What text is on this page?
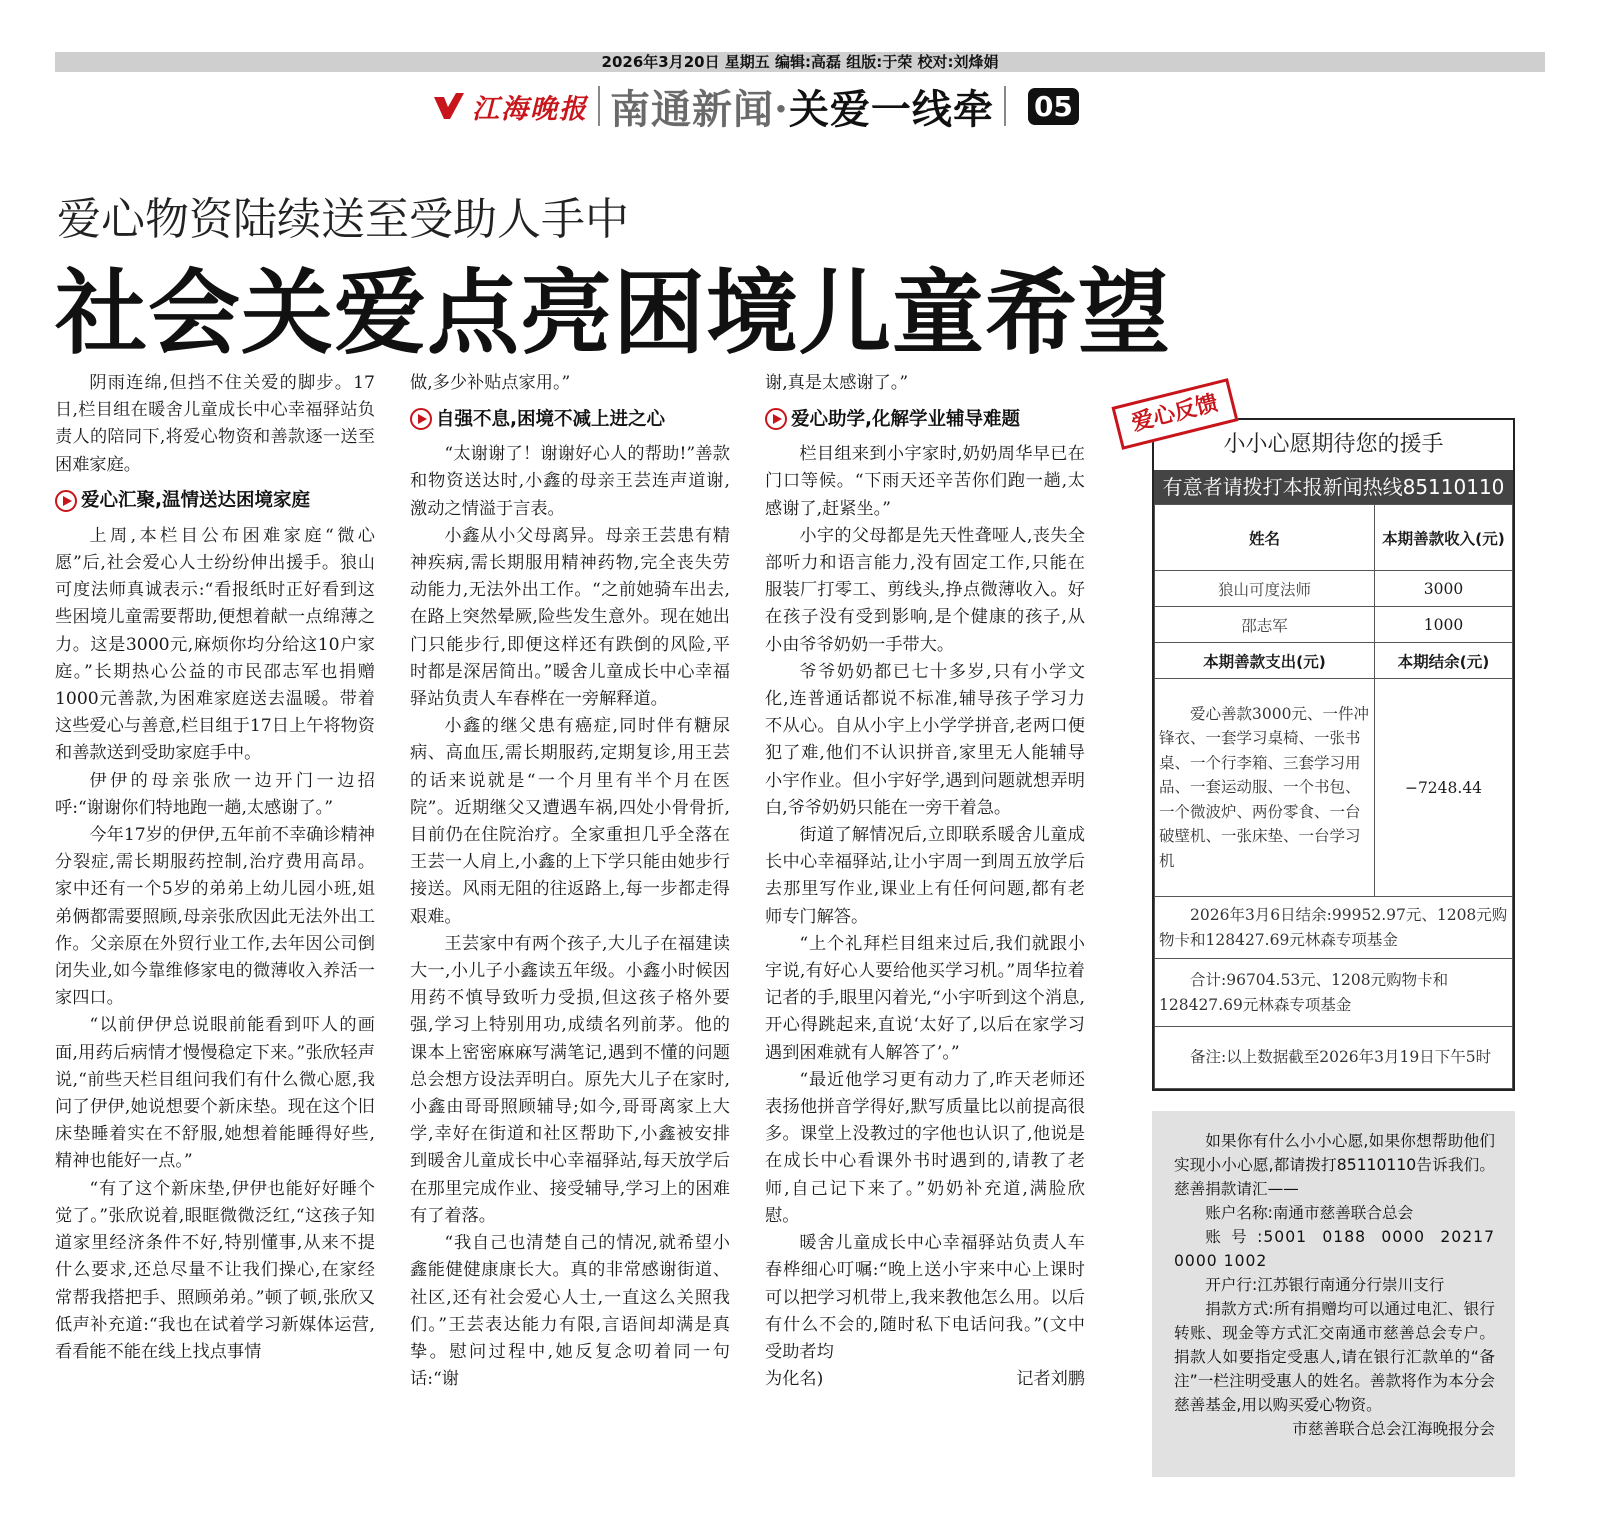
2026年3月20日 星期五 编辑:高磊 组版:于荣 校对:刘烽娟
江海晚报 南通新闻· 关爱一线牵 05
爱心物资陆续送至受助人手中
社会关爱点亮困境儿童希望

阴雨连绵,但挡不住关爱的脚步。17日,栏目组在暖舍儿童成长中心幸福驿站负责人的陪同下,将爱心物资和善款逐一送至困难家庭。

爱心汇聚,温情送达困境家庭

上周,本栏目公布困难家庭“微心愿”后,社会爱心人士纷纷伸出援手。狼山可度法师真诚表示:“看报纸时正好看到这些困境儿童需要帮助,便想着献一点绵薄之力。这是3000元,麻烦你均分给这10户家庭。”长期热心公益的市民邵志军也捐赠1000元善款,为困难家庭送去温暖。带着这些爱心与善意,栏目组于17日上午将物资和善款送到受助家庭手中。

伊伊的母亲张欣一边开门一边招呼:“谢谢你们特地跑一趟,太感谢了。”

今年17岁的伊伊,五年前不幸确诊精神分裂症,需长期服药控制,治疗费用高昂。家中还有一个5岁的弟弟上幼儿园小班,姐弟俩都需要照顾,母亲张欣因此无法外出工作。父亲原在外贸行业工作,去年因公司倒闭失业,如今靠维修家电的微薄收入养活一家四口。

“以前伊伊总说眼前能看到吓人的画面,用药后病情才慢慢稳定下来。”张欣轻声说,“前些天栏目组问我们有什么微心愿,我问了伊伊,她说想要个新床垫。现在这个旧床垫睡着实在不舒服,她想着能睡得好些,精神也能好一点。”

“有了这个新床垫,伊伊也能好好睡个觉了。”张欣说着,眼眶微微泛红,“这孩子知道家里经济条件不好,特别懂事,从来不提什么要求,还总尽量不让我们操心,在家经常帮我搭把手、照顾弟弟。”顿了顿,张欣又低声补充道:“我也在试着学习新媒体运营,看看能不能在线上找点事情

做,多少补贴点家用。”

自强不息,困境不减上进之心

“太谢谢了！谢谢好心人的帮助!”善款和物资送达时,小鑫的母亲王芸连声道谢,激动之情溢于言表。

小鑫从小父母离异。母亲王芸患有精神疾病,需长期服用精神药物,完全丧失劳动能力,无法外出工作。“之前她骑车出去,在路上突然晕厥,险些发生意外。现在她出门只能步行,即便这样还有跌倒的风险,平时都是深居简出。”暖舍儿童成长中心幸福驿站负责人车春桦在一旁解释道。

小鑫的继父患有癌症,同时伴有糖尿病、高血压,需长期服药,定期复诊,用王芸的话来说就是“一个月里有半个月在医院”。近期继父又遭遇车祸,四处小骨骨折,目前仍在住院治疗。全家重担几乎全落在王芸一人肩上,小鑫的上下学只能由她步行接送。风雨无阻的往返路上,每一步都走得艰难。

王芸家中有两个孩子,大儿子在福建读大一,小儿子小鑫读五年级。小鑫小时候因用药不慎导致听力受损,但这孩子格外要强,学习上特别用功,成绩名列前茅。他的课本上密密麻麻写满笔记,遇到不懂的问题总会想方设法弄明白。原先大儿子在家时,小鑫由哥哥照顾辅导;如今,哥哥离家上大学,幸好在街道和社区帮助下,小鑫被安排到暖舍儿童成长中心幸福驿站,每天放学后在那里完成作业、接受辅导,学习上的困难有了着落。

“我自己也清楚自己的情况,就希望小鑫能健健康康长大。真的非常感谢街道、社区,还有社会爱心人士,一直这么关照我们。”王芸表达能力有限,言语间却满是真挚。慰问过程中,她反复念叨着同一句话:“谢

谢,真是太感谢了。”

爱心助学,化解学业辅导难题

栏目组来到小宇家时,奶奶周华早已在门口等候。“下雨天还辛苦你们跑一趟,太感谢了,赶紧坐。”

小宇的父母都是先天性聋哑人,丧失全部听力和语言能力,没有固定工作,只能在服装厂打零工、剪线头,挣点微薄收入。好在孩子没有受到影响,是个健康的孩子,从小由爷爷奶奶一手带大。

爷爷奶奶都已七十多岁,只有小学文化,连普通话都说不标准,辅导孩子学习力不从心。自从小宇上小学学拼音,老两口便犯了难,他们不认识拼音,家里无人能辅导小宇作业。但小宇好学,遇到问题就想弄明白,爷爷奶奶只能在一旁干着急。

街道了解情况后,立即联系暖舍儿童成长中心幸福驿站,让小宇周一到周五放学后去那里写作业,课业上有任何问题,都有老师专门解答。

“上个礼拜栏目组来过后,我们就跟小宇说,有好心人要给他买学习机。”周华拉着记者的手,眼里闪着光,“小宇听到这个消息,开心得跳起来,直说‘太好了,以后在家学习遇到困难就有人解答了’。”

“最近他学习更有动力了,昨天老师还表扬他拼音学得好,默写质量比以前提高很多。课堂上没教过的字他也认识了,他说是在成长中心看课外书时遇到的,请教了老师,自己记下来了。”奶奶补充道,满脸欣慰。

暖舍儿童成长中心幸福驿站负责人车春桦细心叮嘱:“晚上送小宇来中心上课时可以把学习机带上,我来教他怎么用。以后有什么不会的,随时私下电话问我。”(文中受助者均

为化名)	记者刘鹏
爱心反馈
小小心愿期待您的援手
有意者请拨打本报新闻热线85110110
姓名	本期善款收入(元)
狼山可度法师	3000
邵志军	1000
本期善款支出(元)	本期结余(元)
爱心善款3000元、一件冲锋衣、一套学习桌椅、一张书桌、一个行李箱、三套学习用品、一套运动服、一个书包、一个微波炉、两份零食、一台破壁机、一张床垫、一台学习机	−7248.44
2026年3月6日结余:99952.97元、1208元购物卡和128427.69元林森专项基金	
合计:96704.53元、1208元购物卡和128427.69元林森专项基金	
备注:以上数据截至2026年3月19日下午5时	

如果你有什么小小心愿,如果你想帮助他们实现小小心愿,都请拨打85110110告诉我们。慈善捐款请汇——

账户名称:南通市慈善联合总会

账号:5001 0188 0000 20217 0000 1002

开户行:江苏银行南通分行崇川支行

捐款方式:所有捐赠均可以通过电汇、银行转账、现金等方式汇交南通市慈善总会专户。捐款人如要指定受惠人,请在银行汇款单的“备注”一栏注明受惠人的姓名。善款将作为本分会慈善基金,用以购买爱心物资。

市慈善联合总会江海晚报分会
